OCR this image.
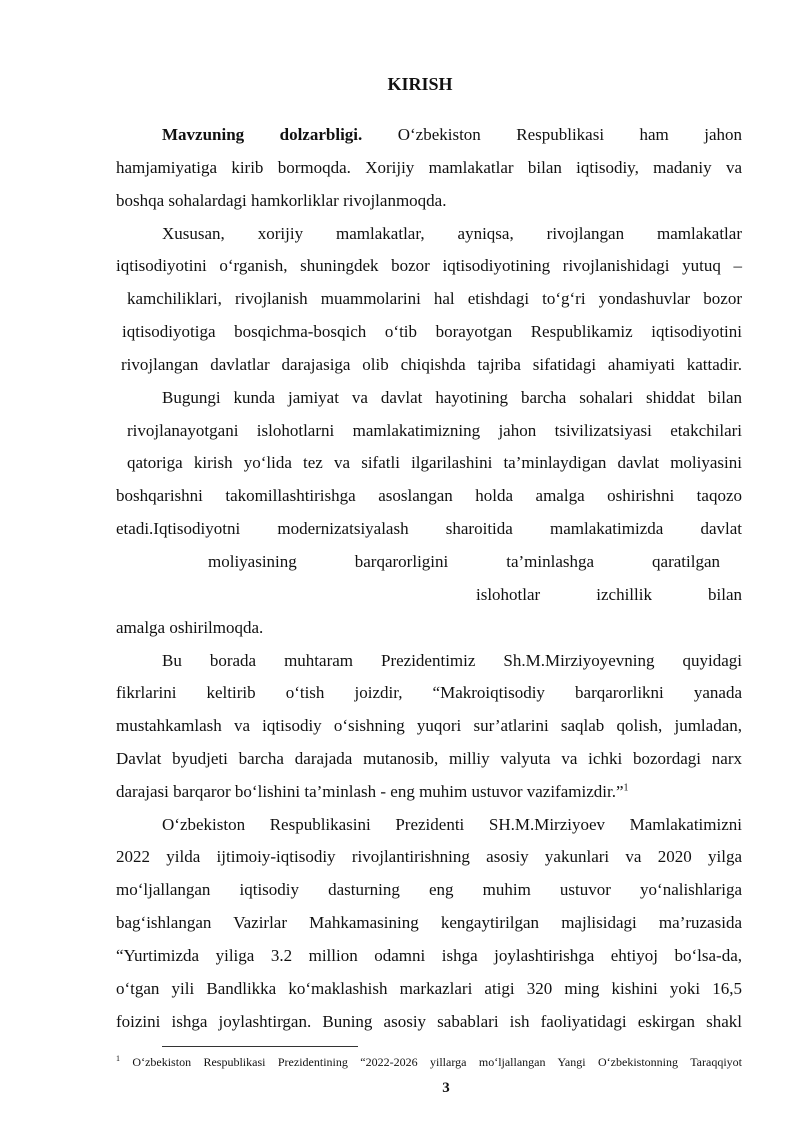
KIRISH
Mavzuning dolzarbligi. O‘zbekiston Respublikasi ham jahon
hamjamiyatiga kirib bormoqda. Xorijiy mamlakatlar bilan iqtisodiy, madaniy va
boshqa sohalardagi hamkorliklar rivojlanmoqda.
Xususan, xorijiy mamlakatlar, ayniqsa, rivojlangan mamlakatlar
iqtisodiyotini o‘rganish, shuningdek bozor iqtisodiyotining rivojlanishidagi yutuq –
kamchiliklari, rivojlanish muammolarini hal etishdagi to‘g‘ri yondashuvlar bozor
iqtisodiyotiga bosqichma-bosqich o‘tib borayotgan Respublikamiz iqtisodiyotini
rivojlangan davlatlar darajasiga olib chiqishda tajriba sifatidagi ahamiyati kattadir.
Bugungi kunda jamiyat va davlat hayotining barcha sohalari shiddat bilan
rivojlanayotgani islohotlarni mamlakatimizning jahon tsivilizatsiyasi etakchilari
qatoriga kirish yo‘lida tez va sifatli ilgarilashini ta’minlaydigan davlat moliyasini
boshqarishni takomillashtirishga asoslangan holda amalga oshirishni taqozo
etadi.Iqtisodiyotni modernizatsiyalash sharoitida mamlakatimizda davlat
moliyasining barqarorligini ta’minlashga qaratilgan
islohotlar izchillik bilan
amalga oshirilmoqda.
Bu borada muhtaram Prezidentimiz Sh.M.Mirziyoyevning quyidagi
fikrlarini keltirib o‘tish joizdir, “Makroiqtisodiy barqarorlikni yanada
mustahkamlash va iqtisodiy o‘sishning yuqori sur’atlarini saqlab qolish, jumladan,
Davlat byudjeti barcha darajada mutanosib, milliy valyuta va ichki bozordagi narx
darajasi barqaror bo‘lishini ta’minlash - eng muhim ustuvor vazifamizdir.”$^1$
O‘zbekiston Respublikasini Prezidenti SH.M.Mirziyoev Mamlakatimizni
2022 yilda ijtimoiy-iqtisodiy rivojlantirishning asosiy yakunlari va 2020 yilga
mo‘ljallangan iqtisodiy dasturning eng muhim ustuvor yo‘nalishlariga
bag‘ishlangan Vazirlar Mahkamasining kengaytirilgan majlisidagi ma’ruzasida
“Yurtimizda yiliga 3.2 million odamni ishga joylashtirishga ehtiyoj bo‘lsa-da,
o‘tgan yili Bandlikka ko‘maklashish markazlari atigi 320 ming kishini yoki 16,5
foizini ishga joylashtirgan. Buning asosiy sabablari ish faoliyatidagi eskirgan shakl
$^1$ O‘zbekiston Respublikasi Prezidentining “2022-2026 yillarga mo‘ljallangan Yangi O‘zbekistonning Taraqqiyot
3
